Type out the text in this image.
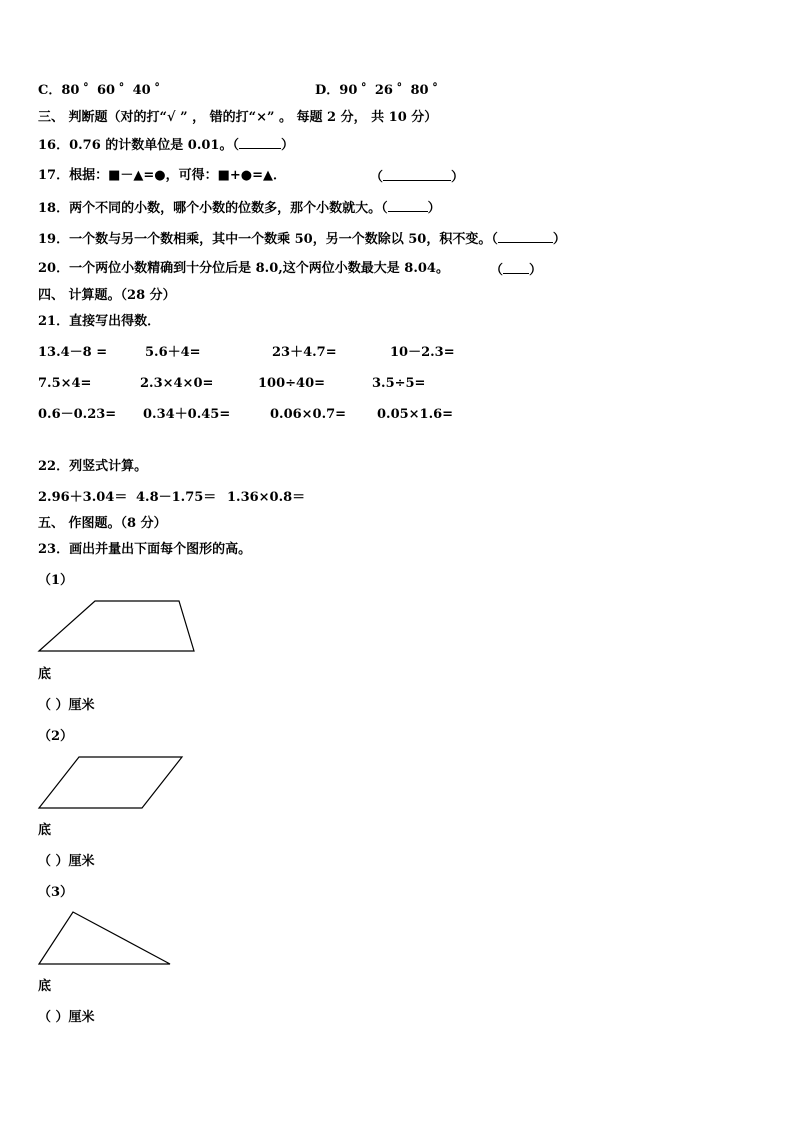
C．80 ゜60 ゜40 ゜	D．90 ゜26 ゜80 ゜
三、 判断题（对的打“√ ” ， 错的打“×” 。 每题 2 分， 共 10 分）
16．0.76 的计数单位是 0.01。（	）
17．根据：■－▲=●，可得：■+●=▲．	（	）
18．两个不同的小数，哪个小数的位数多，那个小数就大。（	）
19．一个数与另一个数相乘，其中一个数乘 50，另一个数除以 50，积不变。（	）
20．一个两位小数精确到十分位后是 8.0,这个两位小数最大是 8.04。	（ ）
四、 计算题。（28 分）
21．直接写出得数．
13.4－8 =	5.6＋4=	23＋4.7=	10－2.3=
7.5×4=	2.3×4×0=	100÷40=	3.5÷5=
0.6－0.23= 0.34＋0.45=	0.06×0.7= 0.05×1.6=
22．列竖式计算。
2.96＋3.04＝ 4.8－1.75＝ 1.36×0.8＝
五、 作图题。（8 分）
23．画出并量出下面每个图形的高。
（1）
底
（ ）厘米
（2）
底
（ ）厘米
（3）
底
（ ）厘米
